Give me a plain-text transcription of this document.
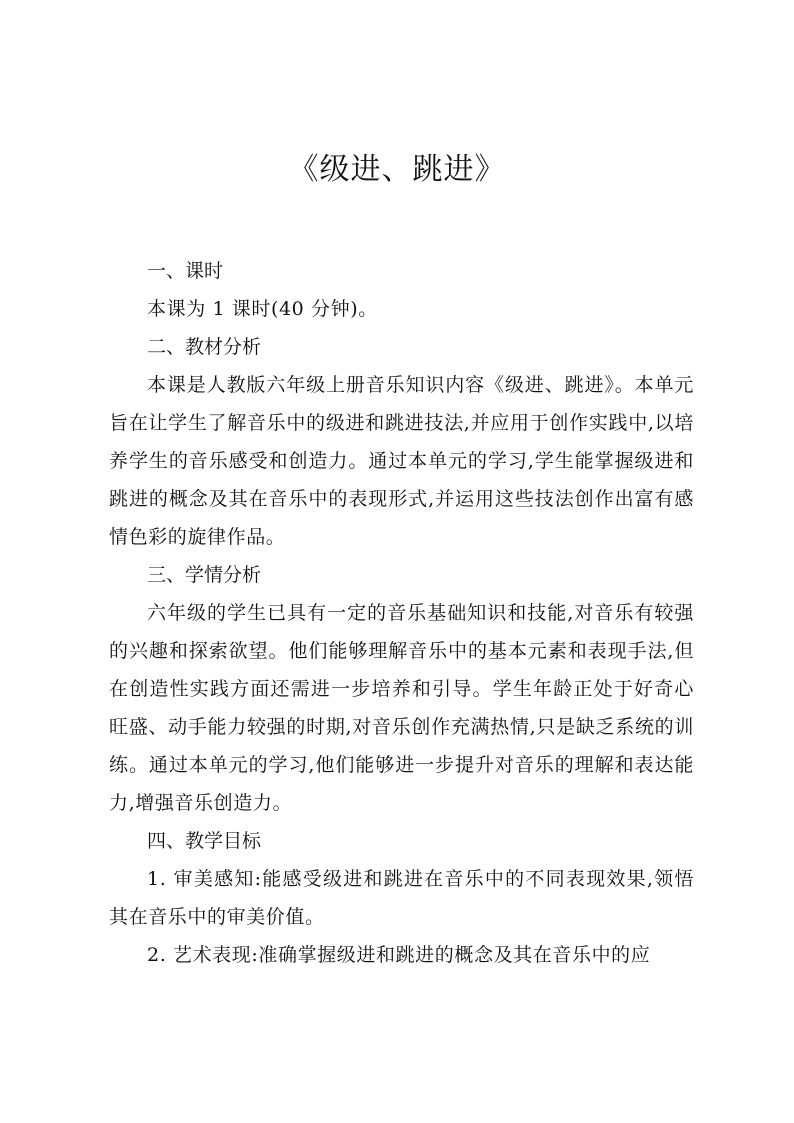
《级进、跳进》
一、课时

本课为 1 课时(40 分钟)。

二、教材分析

本课是人教版六年级上册音乐知识内容《级进、跳进》。本单元旨在让学生了解音乐中的级进和跳进技法,并应用于创作实践中,以培养学生的音乐感受和创造力。通过本单元的学习,学生能掌握级进和跳进的概念及其在音乐中的表现形式,并运用这些技法创作出富有感情色彩的旋律作品。

三、学情分析

六年级的学生已具有一定的音乐基础知识和技能,对音乐有较强的兴趣和探索欲望。他们能够理解音乐中的基本元素和表现手法,但在创造性实践方面还需进一步培养和引导。学生年龄正处于好奇心旺盛、动手能力较强的时期,对音乐创作充满热情,只是缺乏系统的训练。通过本单元的学习,他们能够进一步提升对音乐的理解和表达能力,增强音乐创造力。

四、教学目标

1. 审美感知:能感受级进和跳进在音乐中的不同表现效果,领悟其在音乐中的审美价值。

2. 艺术表现:准确掌握级进和跳进的概念及其在音乐中的应
